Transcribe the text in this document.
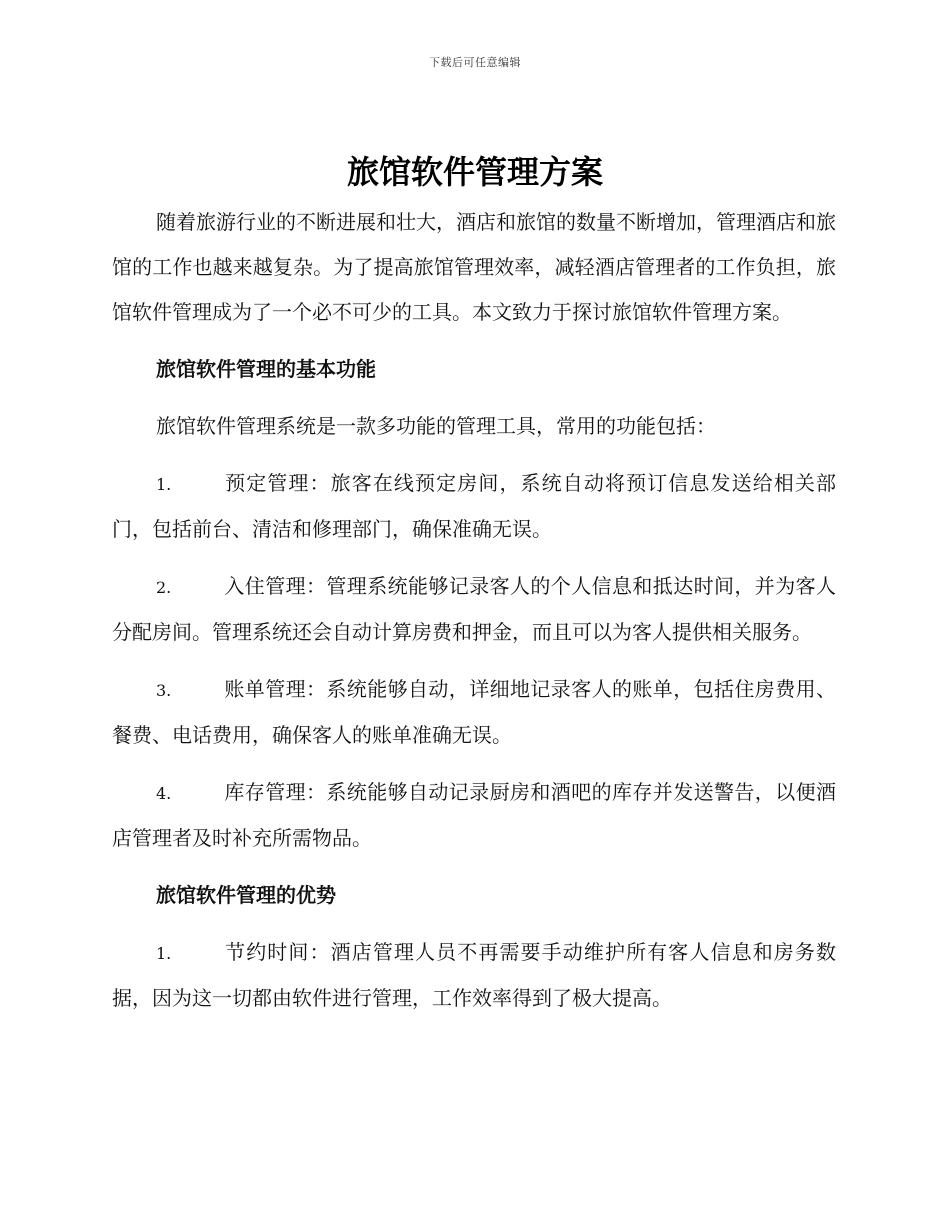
下载后可任意编辑
旅馆软件管理方案

随着旅游行业的不断进展和壮大，酒店和旅馆的数量不断增加，管理酒店和旅馆的工作也越来越复杂。为了提高旅馆管理效率，减轻酒店管理者的工作负担，旅馆软件管理成为了一个必不可少的工具。本文致力于探讨旅馆软件管理方案。

旅馆软件管理的基本功能

旅馆软件管理系统是一款多功能的管理工具，常用的功能包括：

1.	预定管理：旅客在线预定房间，系统自动将预订信息发送给相关部门，包括前台、清洁和修理部门，确保准确无误。

2.	入住管理：管理系统能够记录客人的个人信息和抵达时间，并为客人分配房间。管理系统还会自动计算房费和押金，而且可以为客人提供相关服务。

3.	账单管理：系统能够自动，详细地记录客人的账单，包括住房费用、餐费、电话费用，确保客人的账单准确无误。

4.	库存管理：系统能够自动记录厨房和酒吧的库存并发送警告，以便酒店管理者及时补充所需物品。

旅馆软件管理的优势

1.	节约时间：酒店管理人员不再需要手动维护所有客人信息和房务数据，因为这一切都由软件进行管理，工作效率得到了极大提高。
